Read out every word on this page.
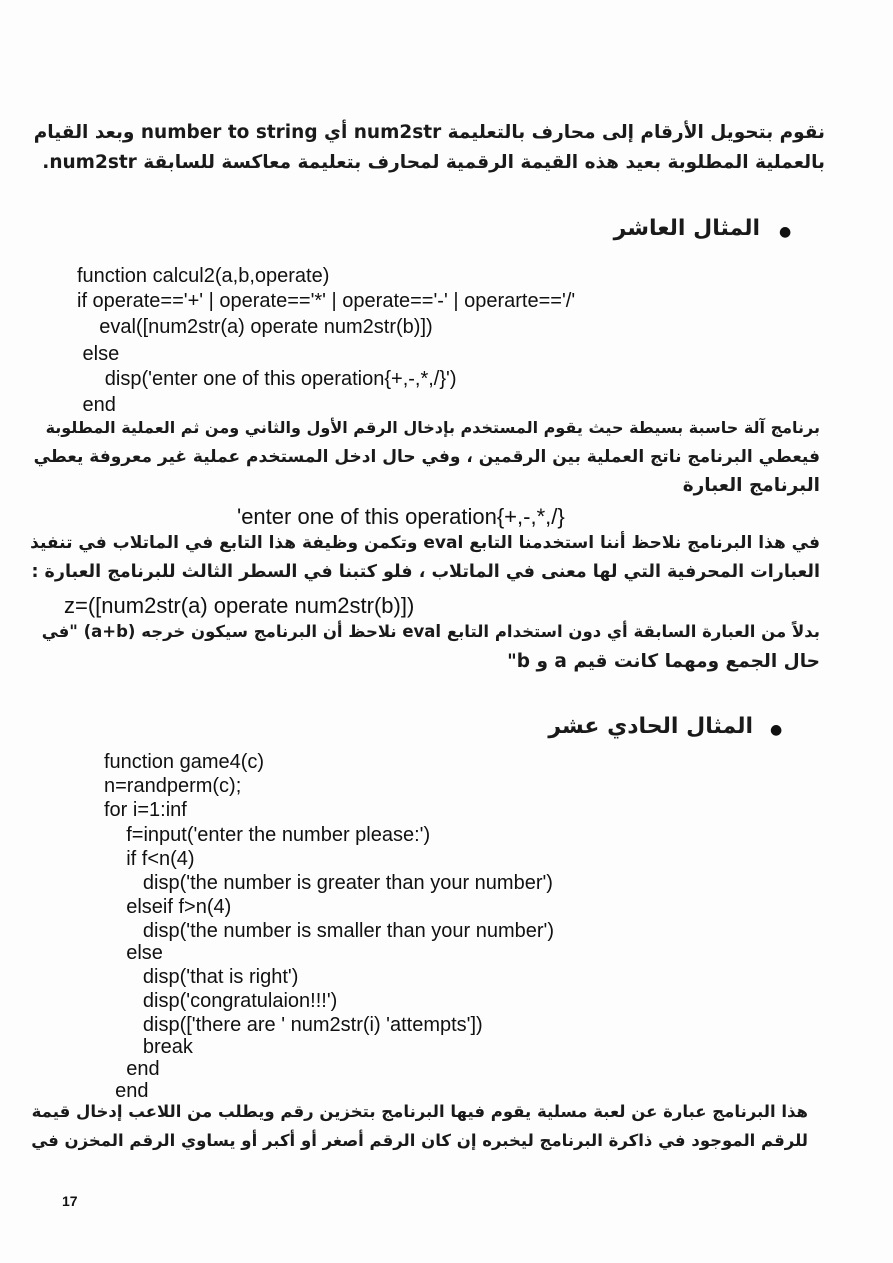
نقوم بتحويل الأرقام إلى محارف بالتعليمة num2str أي number to string وبعد القيام
بالعملية المطلوبة بعيد هذه القيمة الرقمية لمحارف بتعليمة معاكسة للسابقة num2str.
المثال العاشر ●
function calcul2(a,b,operate)
if operate=='+' | operate=='*' | operate=='-' | operarte=='/'
eval([num2str(a) operate num2str(b)])
else
disp('enter one of this operation{+,-,*,/}')
end
برنامج آلة حاسبة بسيطة حيث يقوم المستخدم بإدخال الرقم الأول والثاني ومن ثم العملية المطلوبة
فيعطي البرنامج ناتج العملية بين الرقمين ، وفي حال ادخل المستخدم عملية غير معروفة يعطي
البرنامج العبارة
'enter one of this operation{+,-,*,/}
في هذا البرنامج نلاحظ أننا استخدمنا التابع eval وتكمن وظيفة هذا التابع في الماتلاب في تنفيذ
العبارات المحرفية التي لها معنى في الماتلاب ، فلو كتبنا في السطر الثالث للبرنامج العبارة :
z=([num2str(a) operate num2str(b)])
بدلاً من العبارة السابقة أي دون استخدام التابع eval نلاحظ أن البرنامج سيكون خرجه (a+b) "في
حال الجمع ومهما كانت قيم a و b"
المثال الحادي عشر ●
function game4(c)
n=randperm(c);
for i=1:inf
f=input('enter the number please:')
if f<n(4)
disp('the number is greater than your number')
elseif f>n(4)
disp('the number is smaller than your number')
else
disp('that is right')
disp('congratulaion!!!')
disp(['there are ' num2str(i) 'attempts'])
break
end
end
هذا البرنامج عبارة عن لعبة مسلية يقوم فيها البرنامج بتخزين رقم ويطلب من اللاعب إدخال قيمة
للرقم الموجود في ذاكرة البرنامج ليخبره إن كان الرقم أصغر أو أكبر أو يساوي الرقم المخزن في
17
